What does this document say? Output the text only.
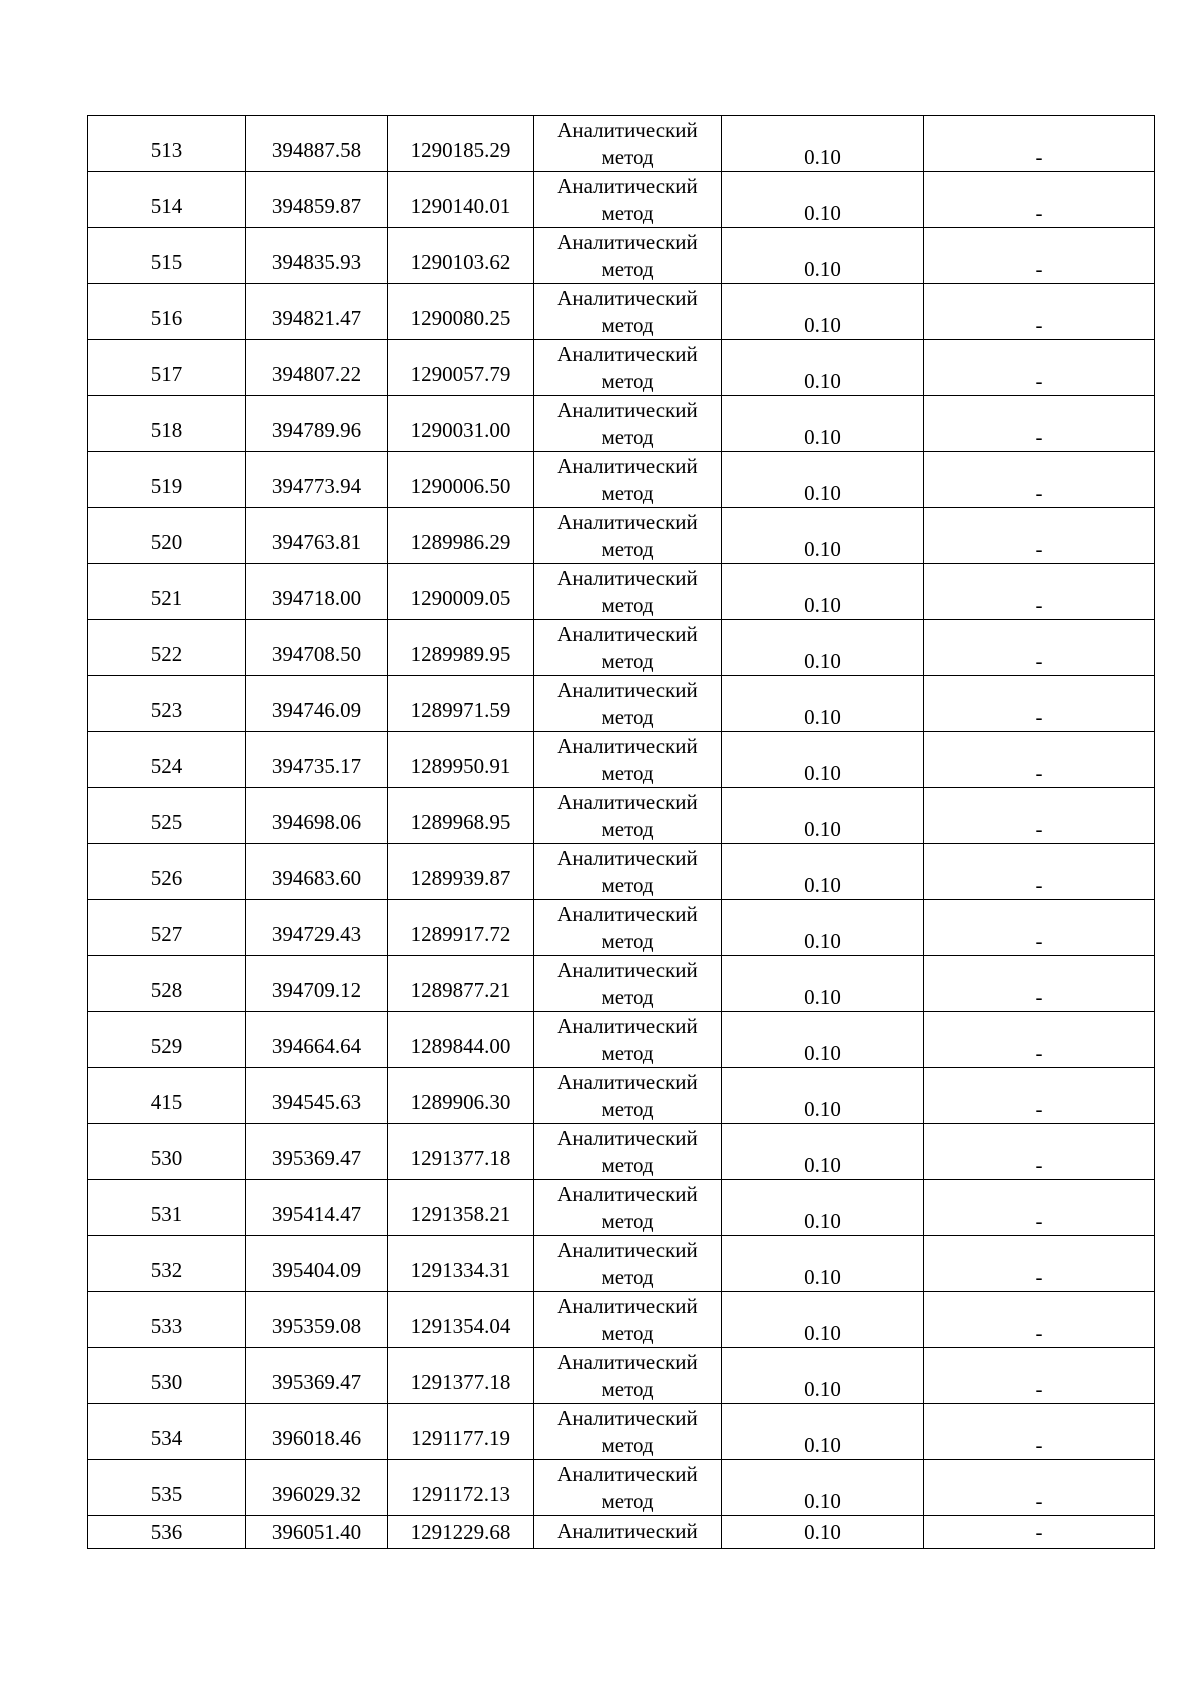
513	394887.58	1290185.29	Аналитический
метод	0.10	-
514	394859.87	1290140.01	Аналитический
метод	0.10	-
515	394835.93	1290103.62	Аналитический
метод	0.10	-
516	394821.47	1290080.25	Аналитический
метод	0.10	-
517	394807.22	1290057.79	Аналитический
метод	0.10	-
518	394789.96	1290031.00	Аналитический
метод	0.10	-
519	394773.94	1290006.50	Аналитический
метод	0.10	-
520	394763.81	1289986.29	Аналитический
метод	0.10	-
521	394718.00	1290009.05	Аналитический
метод	0.10	-
522	394708.50	1289989.95	Аналитический
метод	0.10	-
523	394746.09	1289971.59	Аналитический
метод	0.10	-
524	394735.17	1289950.91	Аналитический
метод	0.10	-
525	394698.06	1289968.95	Аналитический
метод	0.10	-
526	394683.60	1289939.87	Аналитический
метод	0.10	-
527	394729.43	1289917.72	Аналитический
метод	0.10	-
528	394709.12	1289877.21	Аналитический
метод	0.10	-
529	394664.64	1289844.00	Аналитический
метод	0.10	-
415	394545.63	1289906.30	Аналитический
метод	0.10	-
530	395369.47	1291377.18	Аналитический
метод	0.10	-
531	395414.47	1291358.21	Аналитический
метод	0.10	-
532	395404.09	1291334.31	Аналитический
метод	0.10	-
533	395359.08	1291354.04	Аналитический
метод	0.10	-
530	395369.47	1291377.18	Аналитический
метод	0.10	-
534	396018.46	1291177.19	Аналитический
метод	0.10	-
535	396029.32	1291172.13	Аналитический
метод	0.10	-
536	396051.40	1291229.68	Аналитический	0.10	-
